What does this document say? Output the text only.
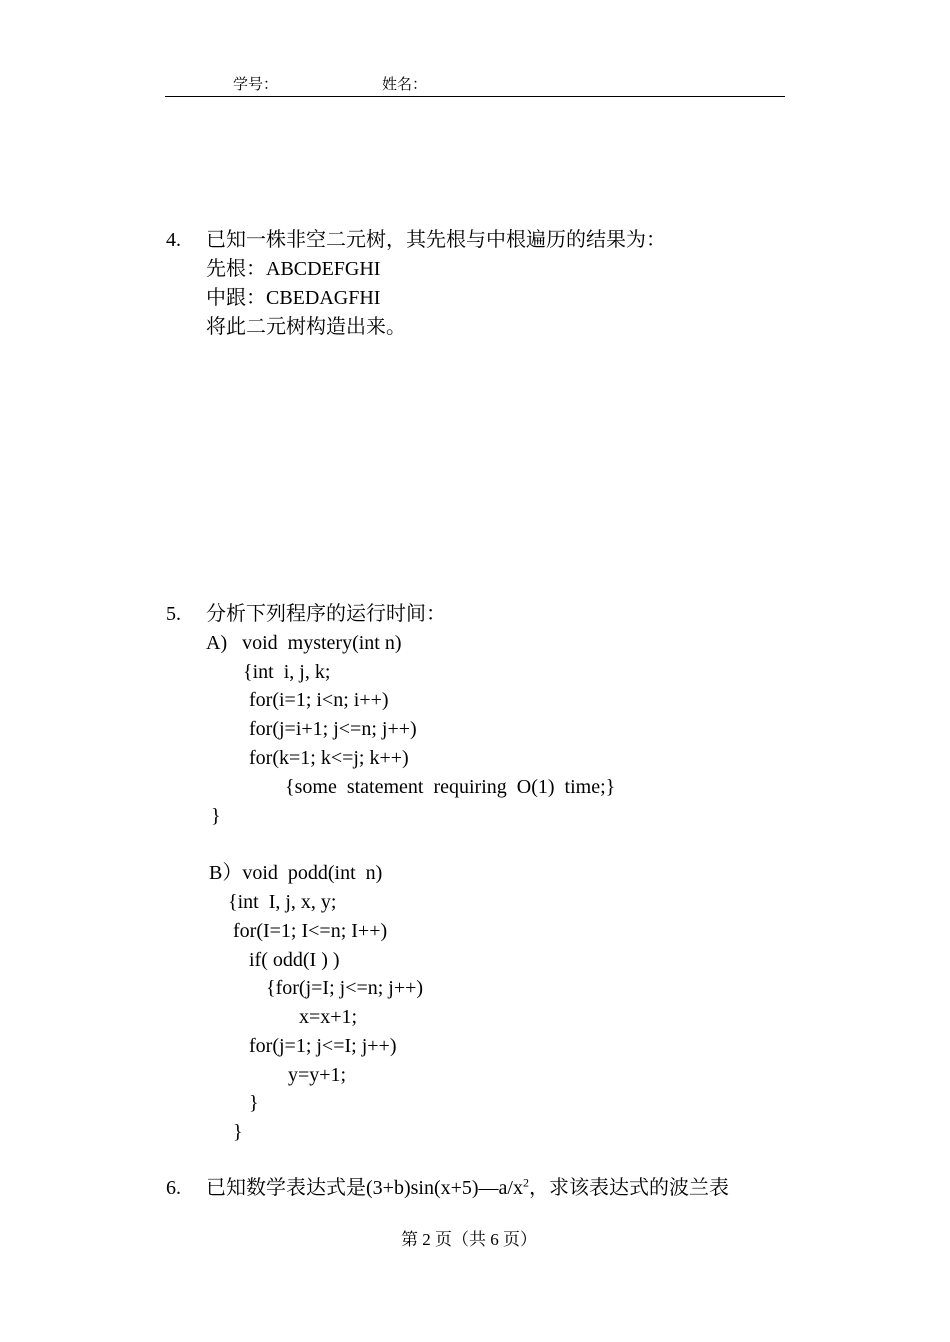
学号：	姓名：
4. 已知一株非空二元树，其先根与中根遍历的结果为：
先根：ABCDEFGHI
中跟：CBEDAGFHI
将此二元树构造出来。
5. 分析下列程序的运行时间：
A)   void  mystery(int n)
{int  i, j, k;
for(i=1; i<n; i++)
for(j=i+1; j<=n; j++)
for(k=1; k<=j; k++)
{some  statement  requiring  O(1)  time;}
}
B）void  podd(int  n)
{int  I, j, x, y;
for(I=1; I<=n; I++)
if( odd(I ) )
{for(j=I; j<=n; j++)
x=x+1;
for(j=1; j<=I; j++)
y=y+1;
}
}
6. 已知数学表达式是$(3+b)\sin(x+5)—a/x^2$，求该表达式的波兰表
第 2 页（共 6 页）
